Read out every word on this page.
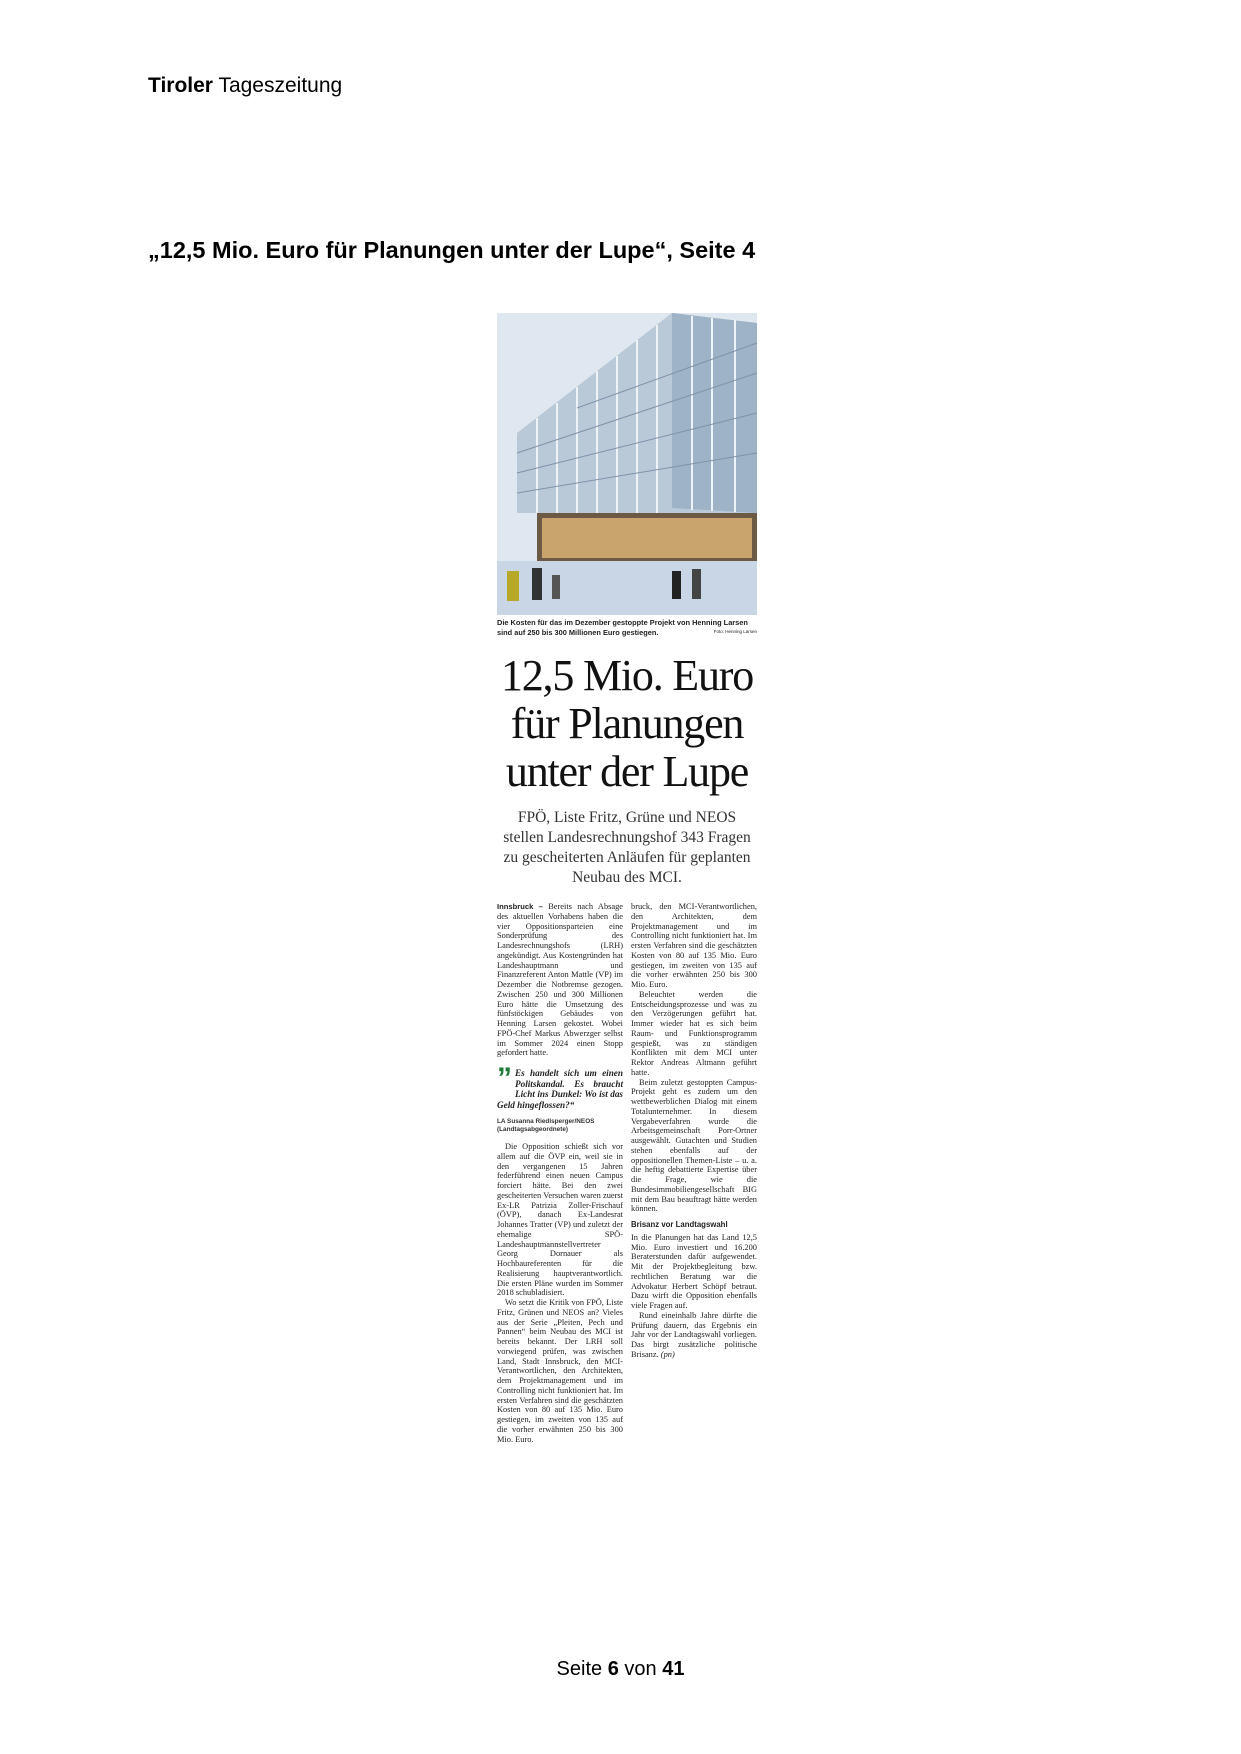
Tiroler Tageszeitung
„12,5 Mio. Euro für Planungen unter der Lupe“, Seite 4
Die Kosten für das im Dezember gestoppte Projekt von Henning Larsen sind auf 250 bis 300 Millionen Euro gestiegen.	Foto: Henning Larsen
12,5 Mio. Euro
für Planungen
unter der Lupe
FPÖ, Liste Fritz, Grüne und NEOS stellen Landesrechnungshof 343 Fragen zu gescheiterten Anläufen für geplanten Neubau des MCI.

Innsbruck – Bereits nach Absage des aktuellen Vorhabens haben die vier Oppositionsparteien eine Sonderprüfung des Landesrechnungshofs (LRH) angekündigt. Aus Kostengründen hat Landeshauptmann und Finanzreferent Anton Mattle (VP) im Dezember die Notbremse gezogen. Zwischen 250 und 300 Millionen Euro hätte die Umsetzung des fünfstöckigen Gebäudes von Henning Larsen gekostet. Wobei FPÖ-Chef Markus Abwerzger selbst im Sommer 2024 einen Stopp gefordert hatte.

” Es handelt sich um einen Politskandal. Es braucht Licht ins Dunkel: Wo ist das Geld hingeflossen?“
LA Susanna Riedlsperger/NEOS
(Landtagsabgeordnete)

Die Opposition schießt sich vor allem auf die ÖVP ein, weil sie in den vergangenen 15 Jahren federführend einen neuen Campus forciert hätte. Bei den zwei gescheiterten Versuchen waren zuerst Ex-LR Patrizia Zoller-Frischauf (ÖVP), danach Ex-Landesrat Johannes Tratter (VP) und zuletzt der ehemalige SPÖ-Landeshauptmannstellvertreter Georg Dornauer als Hochbaureferenten für die Realisierung hauptverantwortlich. Die ersten Pläne wurden im Sommer 2018 schubladisiert.

Wo setzt die Kritik von FPÖ, Liste Fritz, Grünen und NEOS an? Vieles aus der Serie „Pleiten, Pech und Pannen“ beim Neubau des MCI ist bereits bekannt. Der LRH soll vorwiegend prüfen, was zwischen Land, Stadt Innsbruck, den MCI-Verantwortlichen, den Architekten, dem Projektmanagement und im Controlling nicht funktioniert hat. Im ersten Verfahren sind die geschätzten Kosten von 80 auf 135 Mio. Euro gestiegen, im zweiten von 135 auf die vorher erwähnten 250 bis 300 Mio. Euro.

bruck, den MCI-Verantwortlichen, den Architekten, dem Projektmanagement und im Controlling nicht funktioniert hat. Im ersten Verfahren sind die geschätzten Kosten von 80 auf 135 Mio. Euro gestiegen, im zweiten von 135 auf die vorher erwähnten 250 bis 300 Mio. Euro.

Beleuchtet werden die Entscheidungsprozesse und was zu den Verzögerungen geführt hat. Immer wieder hat es sich beim Raum- und Funktionsprogramm gespießt, was zu ständigen Konflikten mit dem MCI unter Rektor Andreas Altmann geführt hatte.

Beim zuletzt gestoppten Campus-Projekt geht es zudem um den wettbewerblichen Dialog mit einem Totalunternehmer. In diesem Vergabeverfahren wurde die Arbeitsgemeinschaft Porr-Ortner ausgewählt. Gutachten und Studien stehen ebenfalls auf der oppositionellen Themen-Liste – u. a. die heftig debattierte Expertise über die Frage, wie die Bundesimmobiliengesellschaft BIG mit dem Bau beauftragt hätte werden können.

Brisanz vor Landtagswahl

In die Planungen hat das Land 12,5 Mio. Euro investiert und 16.200 Beraterstunden dafür aufgewendet. Mit der Projektbegleitung bzw. rechtlichen Beratung war die Advokatur Herbert Schöpf betraut. Dazu wirft die Opposition ebenfalls viele Fragen auf.

Rund eineinhalb Jahre dürfte die Prüfung dauern, das Ergebnis ein Jahr vor der Landtagswahl vorliegen. Das birgt zusätzliche politische Brisanz. (pn)

Seite 6 von 41
